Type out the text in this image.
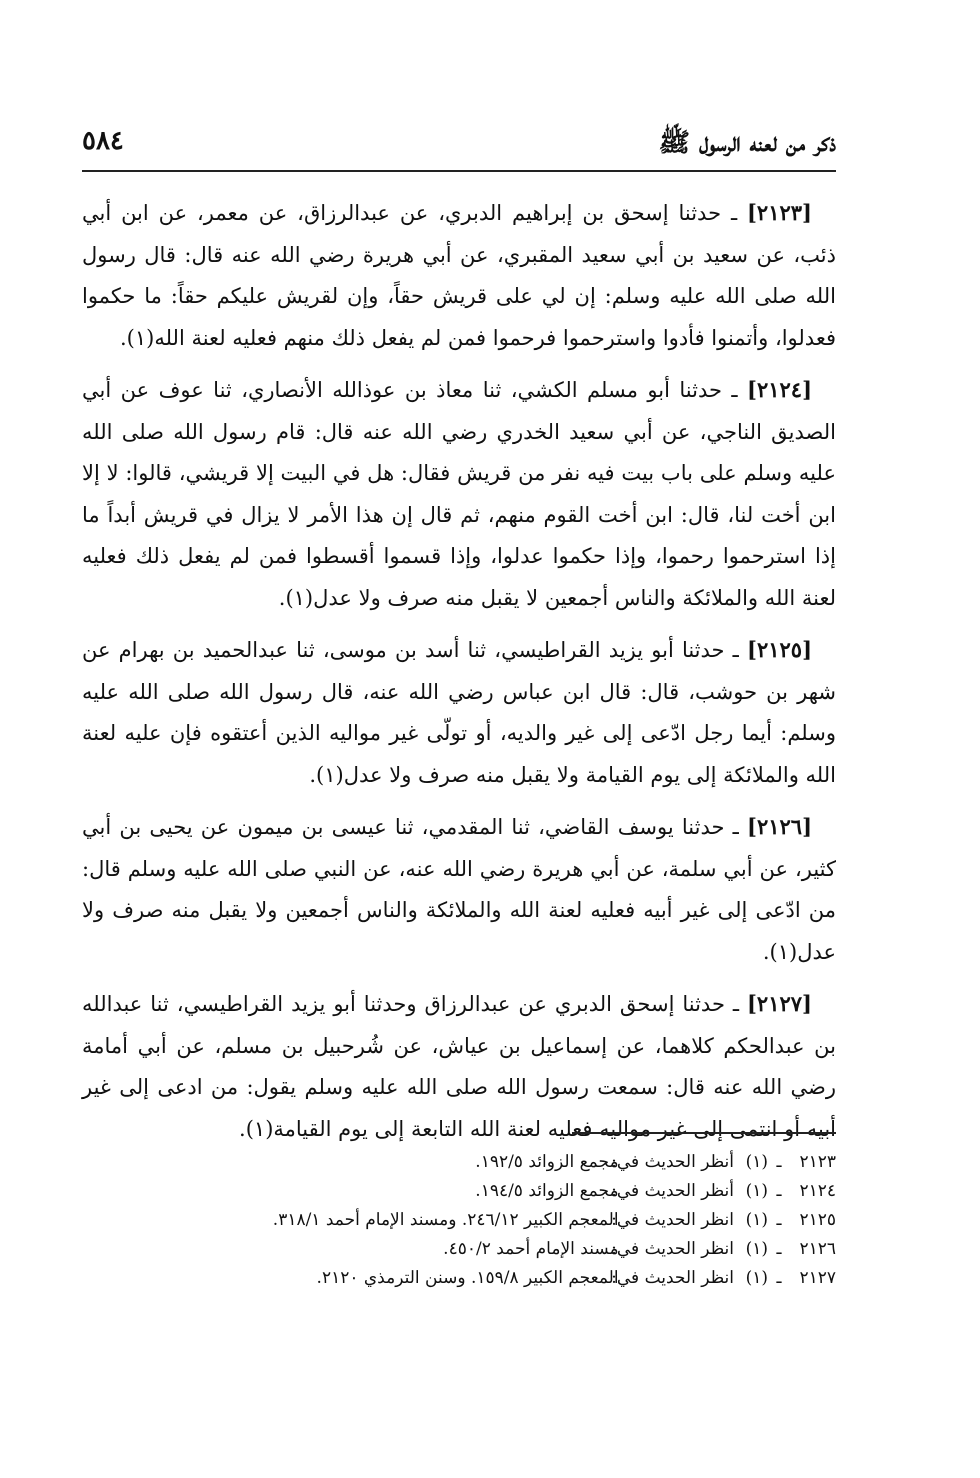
ذكر من لعنه الرسول ﷺ
٥٨٤

[٢١٢٣] ـ حدثنا إسحق بن إبراهيم الدبري، عن عبدالرزاق، عن معمر، عن ابن أبي ذئب، عن سعيد بن أبي سعيد المقبري، عن أبي هريرة رضي الله عنه قال: قال رسول الله صلى الله عليه وسلم: إن لي على قريش حقاً، وإن لقريش عليكم حقاً: ما حكموا فعدلوا، وأتمنوا فأدوا واسترحموا فرحموا فمن لم يفعل ذلك منهم فعليه لعنة الله(١).

[٢١٢٤] ـ حدثنا أبو مسلم الكشي، ثنا معاذ بن عوذالله الأنصاري، ثنا عوف عن أبي الصديق الناجي، عن أبي سعيد الخدري رضي الله عنه قال: قام رسول الله صلى الله عليه وسلم على باب بيت فيه نفر من قريش فقال: هل في البيت إلا قريشي، قالوا: لا إلا ابن أخت لنا، قال: ابن أخت القوم منهم، ثم قال إن هذا الأمر لا يزال في قريش أبداً ما إذا استرحموا رحموا، وإذا حكموا عدلوا، وإذا قسموا أقسطوا فمن لم يفعل ذلك فعليه لعنة الله والملائكة والناس أجمعين لا يقبل منه صرف ولا عدل(١).

[٢١٢٥] ـ حدثنا أبو يزيد القراطيسي، ثنا أسد بن موسى، ثنا عبدالحميد بن بهرام عن شهر بن حوشب، قال: قال ابن عباس رضي الله عنه، قال رسول الله صلى الله عليه وسلم: أيما رجل ادّعى إلى غير والديه، أو تولّى غير مواليه الذين أعتقوه فإن عليه لعنة الله والملائكة إلى يوم القيامة ولا يقبل منه صرف ولا عدل(١).

[٢١٢٦] ـ حدثنا يوسف القاضي، ثنا المقدمي، ثنا عيسى بن ميمون عن يحيى بن أبي كثير، عن أبي سلمة، عن أبي هريرة رضي الله عنه، عن النبي صلى الله عليه وسلم قال: من ادّعى إلى غير أبيه فعليه لعنة الله والملائكة والناس أجمعين ولا يقبل منه صرف ولا عدل(١).

[٢١٢٧] ـ حدثنا إسحق الدبري عن عبدالرزاق وحدثنا أبو يزيد القراطيسي، ثنا عبدالله بن عبدالحكم كلاهما، عن إسماعيل بن عياش، عن شُرحبيل بن مسلم، عن أبي أمامة رضي الله عنه قال: سمعت رسول الله صلى الله عليه وسلم يقول: من ادعى إلى غير أبيه أو انتمى إلى غير مواليه فعليه لعنة الله التابعة إلى يوم القيامة(١).

٢١٢٣ـ(١)أنظر الحديث في: مجمع الزوائد ١٩٢/٥.
٢١٢٤ـ(١)أنظر الحديث في: مجمع الزوائد ١٩٤/٥.
٢١٢٥ـ(١)انظر الحديث في: المعجم الكبير ٢٤٦/١٢. ومسند الإمام أحمد ٣١٨/١.
٢١٢٦ـ(١)انظر الحديث في: مسند الإمام أحمد ٤٥٠/٢.
٢١٢٧ـ(١)انظر الحديث في: المعجم الكبير ١٥٩/٨. وسنن الترمذي ٢١٢٠.
